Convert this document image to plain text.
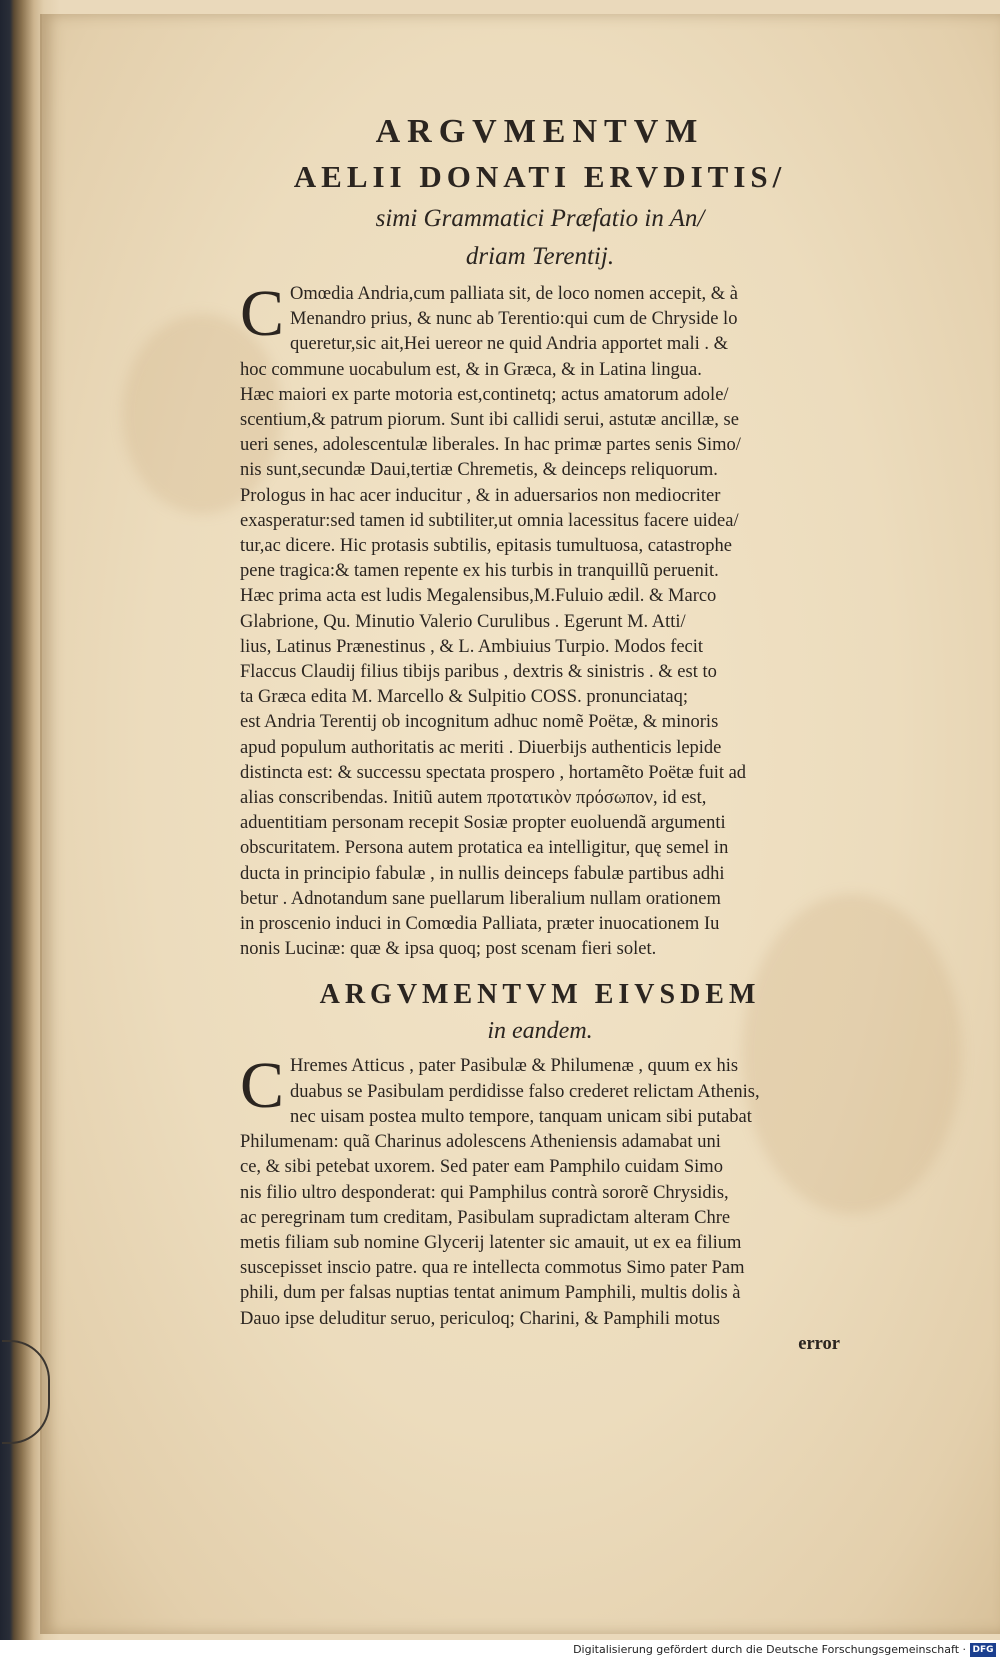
ARGVMENTVM

AELII DONATI ERVDITIS/

simi Grammatici Præfatio in An/

driam Terentij.

C Omœdia Andria,cum palliata sit, de loco nomen accepit, & à
Menandro prius, & nunc ab Terentio:qui cum de Chryside lo
queretur,sic ait,Hei uereor ne quid Andria apportet mali . &
hoc commune uocabulum est, & in Græca, & in Latina lingua.
Hæc maiori ex parte motoria est,continetq; actus amatorum adole/
scentium,& patrum piorum. Sunt ibi callidi serui, astutæ ancillæ, se
ueri senes, adolescentulæ liberales. In hac primæ partes senis Simo/
nis sunt,secundæ Daui,tertiæ Chremetis, & deinceps reliquorum.
Prologus in hac acer inducitur , & in aduersarios non mediocriter
exasperatur:sed tamen id subtiliter,ut omnia lacessitus facere uidea/
tur,ac dicere. Hic protasis subtilis, epitasis tumultuosa, catastrophe
pene tragica:& tamen repente ex his turbis in tranquillũ peruenit.
Hæc prima acta est ludis Megalensibus,M.Fuluio ædil. & Marco
Glabrione, Qu. Minutio Valerio Curulibus . Egerunt M. Atti/
lius, Latinus Prænestinus , & L. Ambiuius Turpio. Modos fecit
Flaccus Claudij filius tibijs paribus , dextris & sinistris . & est to
ta Græca edita M. Marcello & Sulpitio COSS. pronunciataq;
est Andria Terentij ob incognitum adhuc nomẽ Poëtæ, & minoris
apud populum authoritatis ac meriti . Diuerbijs authenticis lepide
distincta est: & successu spectata prospero , hortamẽto Poëtæ fuit ad
alias conscribendas. Initiũ autem προτατικὸν πρόσωπον, id est,
aduentitiam personam recepit Sosiæ propter euoluendã argumenti
obscuritatem. Persona autem protatica ea intelligitur, quę semel in
ducta in principio fabulæ , in nullis deinceps fabulæ partibus adhi
betur . Adnotandum sane puellarum liberalium nullam orationem
in proscenio induci in Comœdia Palliata, præter inuocationem Iu
nonis Lucinæ: quæ & ipsa quoq; post scenam fieri solet.

ARGVMENTVM EIVSDEM

in eandem.

C Hremes Atticus , pater Pasibulæ & Philumenæ , quum ex his
duabus se Pasibulam perdidisse falso crederet relictam Athenis,
nec uisam postea multo tempore, tanquam unicam sibi putabat
Philumenam: quã Charinus adolescens Atheniensis adamabat uni
ce, & sibi petebat uxorem. Sed pater eam Pamphilo cuidam Simo
nis filio ultro desponderat: qui Pamphilus contrà sororẽ Chrysidis,
ac peregrinam tum creditam, Pasibulam supradictam alteram Chre
metis filiam sub nomine Glycerij latenter sic amauit, ut ex ea filium
suscepisset inscio patre. qua re intellecta commotus Simo pater Pam
phili, dum per falsas nuptias tentat animum Pamphili, multis dolis à
Dauo ipse deluditur seruo, periculoq; Charini, & Pamphili motus
error
Digitalisierung gefördert durch die Deutsche Forschungsgemeinschaft · DFG
